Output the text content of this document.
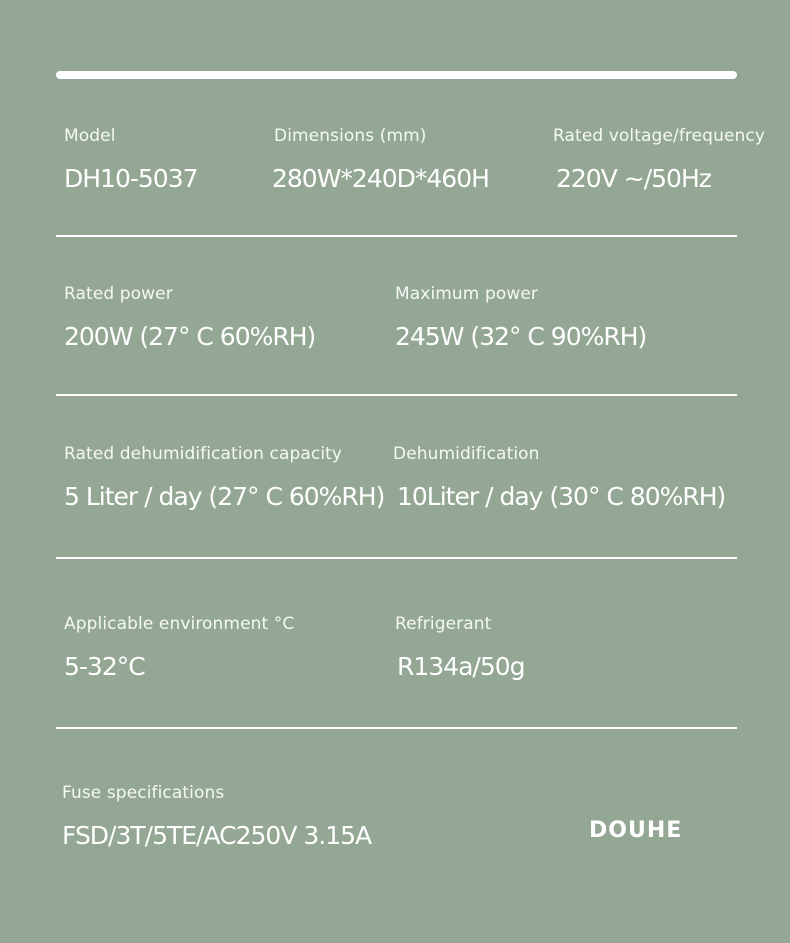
Model
DH10-5037
Dimensions (mm)
280W*240D*460H
Rated voltage/frequency
220V ~/50Hz
Rated power
200W (27° C 60%RH)
Maximum power
245W (32° C 90%RH)
Rated dehumidification capacity
5 Liter / day (27° C 60%RH)
Dehumidification
10Liter / day (30° C 80%RH)
Applicable environment °C
5-32°C
Refrigerant
R134a/50g
Fuse specifications
FSD/3T/5TE/AC250V 3.15A	DOUHE
